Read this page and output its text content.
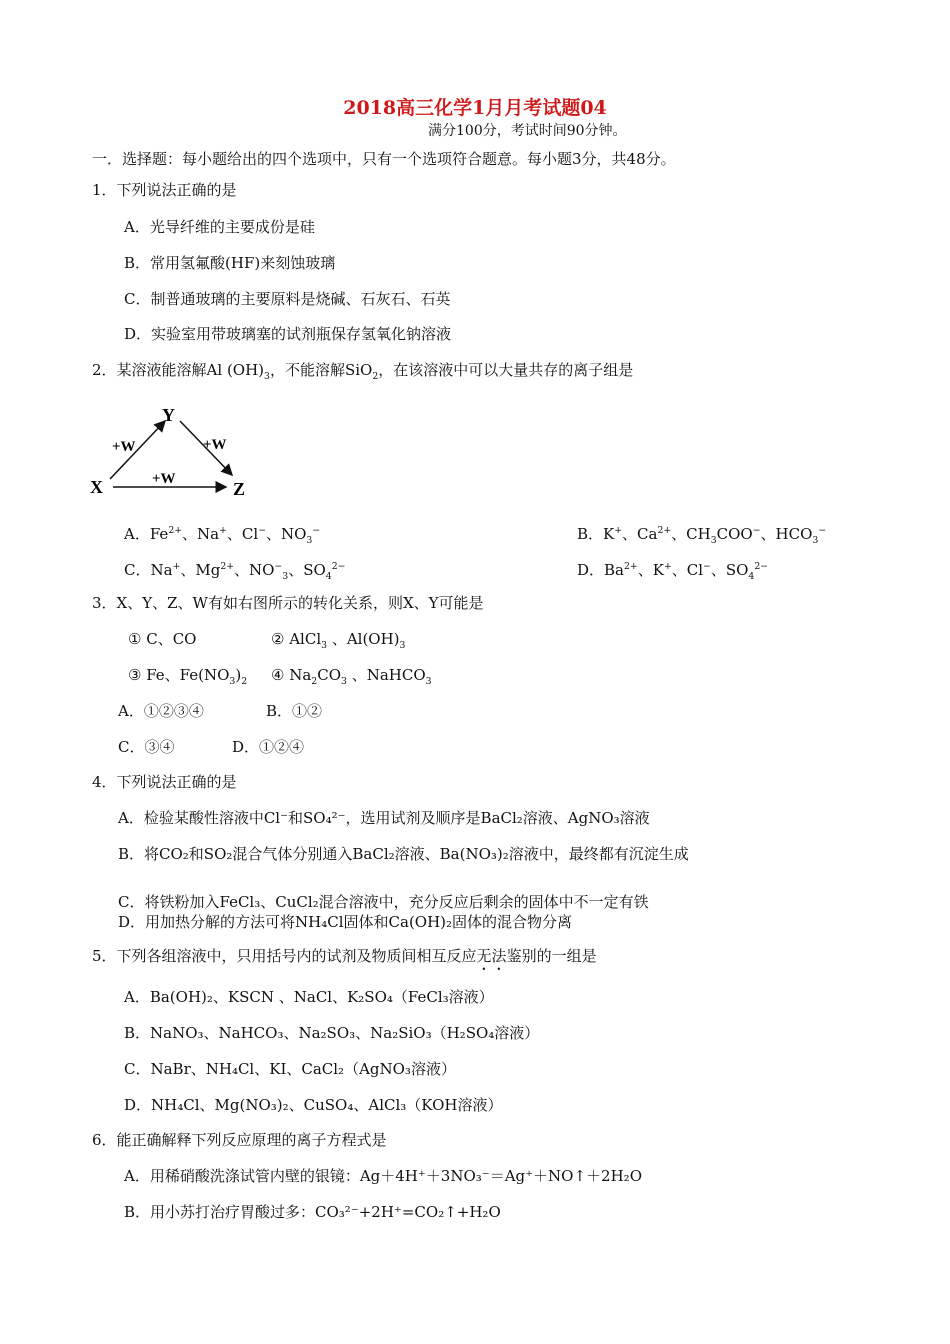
2018高三化学1月月考试题04
满分100分，考试时间90分钟。
一．选择题：每小题给出的四个选项中，只有一个选项符合题意。每小题3分，共48分。
1．下列说法正确的是
A．光导纤维的主要成份是硅
B．常用氢氟酸(HF)来刻蚀玻璃
C．制普通玻璃的主要原料是烧碱、石灰石、石英
D．实验室用带玻璃塞的试剂瓶保存氢氧化钠溶液
2．某溶液能溶解Al $(OH)_3$，不能溶解SiO$_2$，在该溶液中可以大量共存的离子组是
Y
X	Z
+W	+W
+W
A．$Fe^{2+}$、Na+、Cl−、$NO_3^-$	B．K+、$Ca^{2+}$、$CH_3COO^-$、$HCO_3^-$
C．Na+、$Mg^{2+}$、$NO^-_3$、$SO_4^{2-}$	D．$Ba^{2+}$、K+、Cl−、$SO_4^{2-}$
3．X、Y、Z、W有如右图所示的转化关系，则X、Y可能是
① C、CO	② AlCl$_3$ 、$Al(OH)_3$
③ Fe、$Fe(NO_3)_2$ ④ $Na_2CO_3$ 、NaHCO$_3$
A．①②③④	B．①②
C．③④	D．①②④
4．下列说法正确的是
A．检验某酸性溶液中Cl⁻和SO₄²⁻，选用试剂及顺序是BaCl₂溶液、AgNO₃溶液
B．将CO₂和SO₂混合气体分别通入BaCl₂溶液、Ba(NO₃)₂溶液中，最终都有沉淀生成
C．将铁粉加入FeCl₃、CuCl₂混合溶液中，充分反应后剩余的固体中不一定有铁
D．用加热分解的方法可将NH₄Cl固体和Ca(OH)₂固体的混合物分离
5．下列各组溶液中，只用括号内的试剂及物质间相互反应无法鉴别的一组是
A．Ba(OH)₂、KSCN 、NaCl、K₂SO₄（FeCl₃溶液）
B．NaNO₃、NaHCO₃、Na₂SO₃、Na₂SiO₃（H₂SO₄溶液）
C．NaBr、NH₄Cl、KI、CaCl₂（AgNO₃溶液）
D．NH₄Cl、Mg(NO₃)₂、CuSO₄、AlCl₃（KOH溶液）
6．能正确解释下列反应原理的离子方程式是
A．用稀硝酸洗涤试管内壁的银镜：Ag＋4H⁺＋3NO₃⁻＝Ag⁺＋NO↑＋2H₂O
B．用小苏打治疗胃酸过多：CO₃²⁻+2H⁺=CO₂↑+H₂O
